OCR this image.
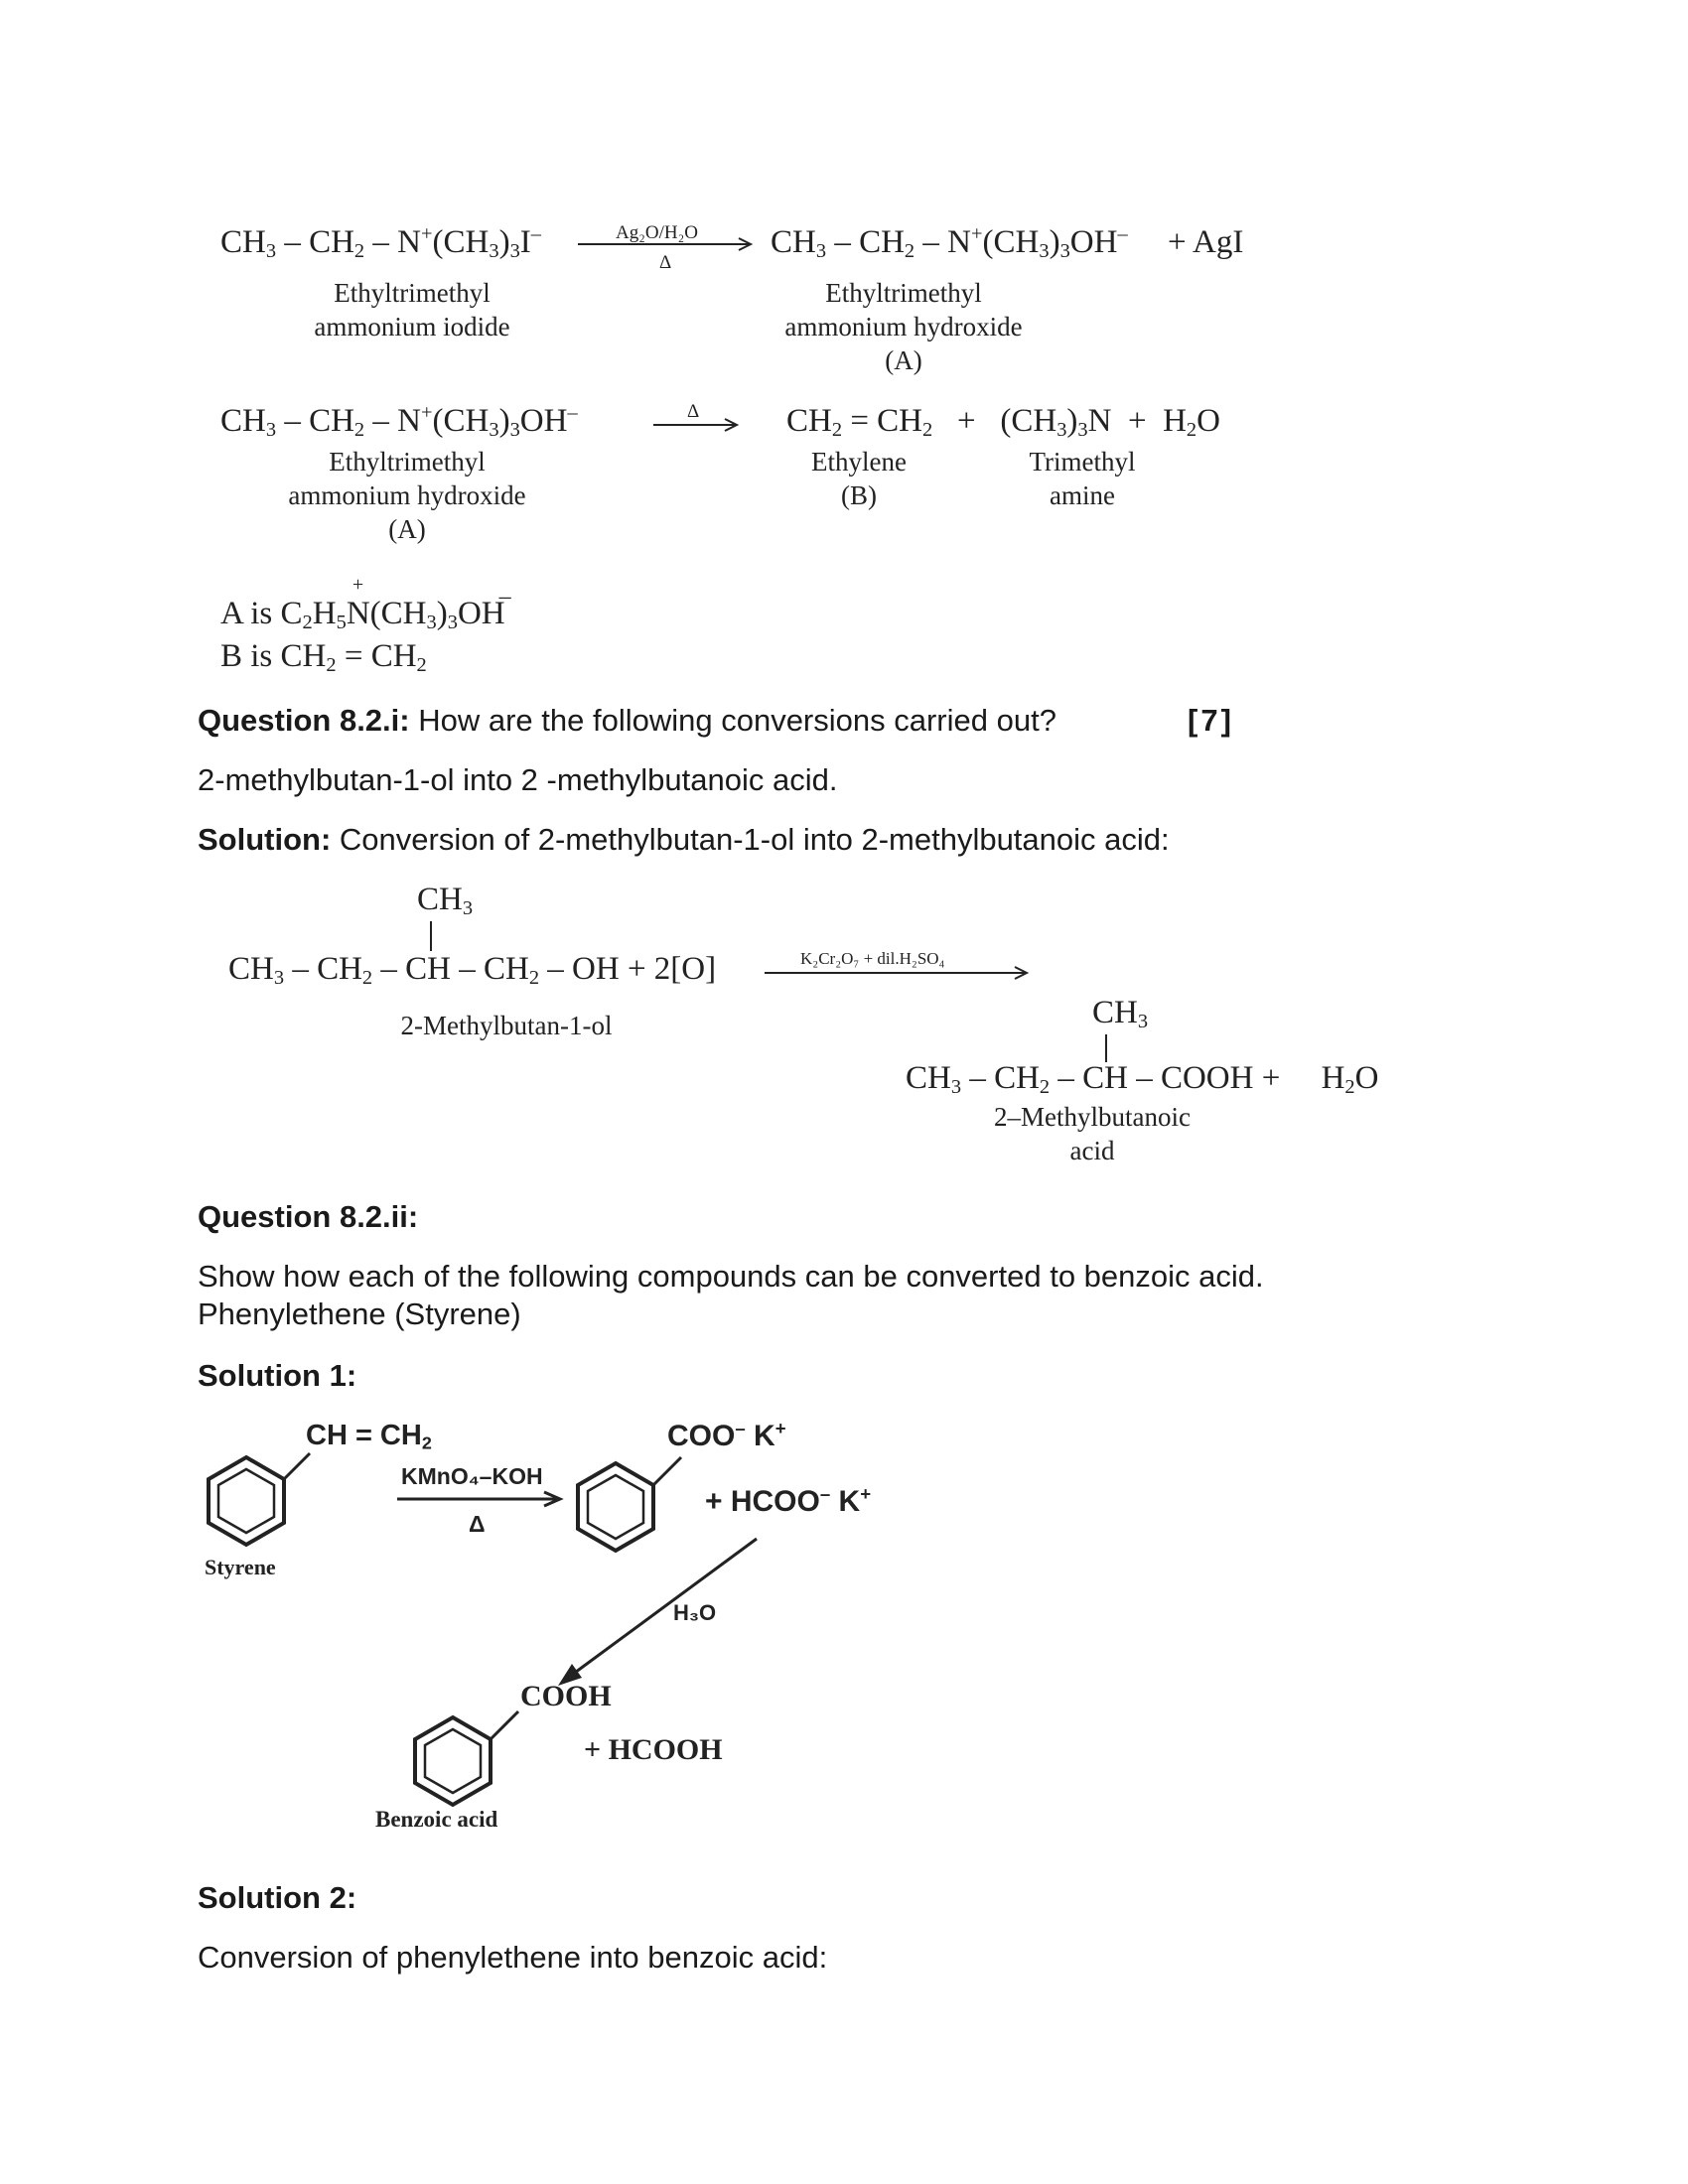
$CH_3 - CH_2 - N^+(CH_3)_3I^-$	Ag₂O/H₂O
Δ
$CH_3 - CH_2 - N^+(CH_3)_3OH^-$ + AgI
Ethyltrimethyl
ammonium iodide
Ethyltrimethyl
ammonium hydroxide
(A)
$CH_3 - CH_2 - N^+(CH_3)_3OH^-$	Δ	$CH_2 = CH_2 + (CH_3)_3N + H_2O$
Ethyltrimethyl
ammonium hydroxide
(A)
Ethylene
(B)
Trimethyl
amine
A is $C_2H_5N$
+
$(CH_3)_3OH$
–
B is $CH_2 = CH_2$
Question 8.2.i: How are the following conversions carried out?	[7]
2-methylbutan-1-ol into 2 -methylbutanoic acid.
Solution: Conversion of 2-methylbutan-1-ol into 2-methylbutanoic acid:
$CH_3$
$CH_3 - CH_2$ – CH – $CH_2$ – OH + 2[O]	K₂Cr₂O₇ + dil.H₂SO₄
2-Methylbutan-1-ol	$CH_3$
$CH_3 - CH_2$ – CH – COOH +     $H_2O$
2–Methylbutanoic
acid
Question 8.2.ii:
Show how each of the following compounds can be converted to benzoic acid.
Phenylethene (Styrene)
Solution 1:
CH = $CH_2$
Styrene
KMnO₄–KOH
Δ
COO– K+
+ HCOO– K+
H₃O
COOH
+ HCOOH
Benzoic acid
Solution 2:
Conversion of phenylethene into benzoic acid:
